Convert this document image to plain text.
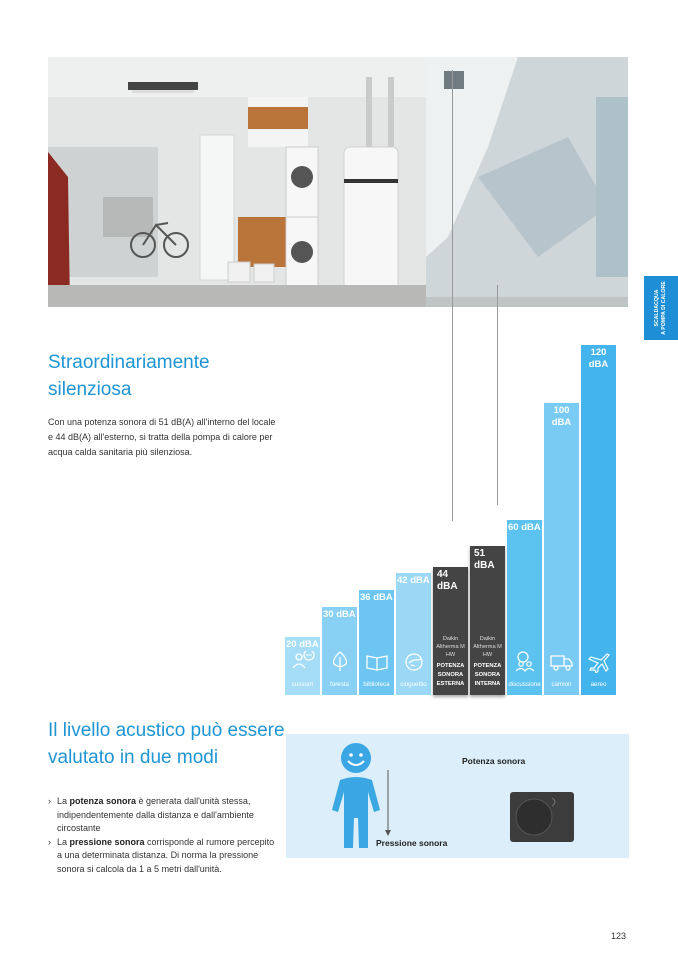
SCALDACQUA A POMPA DI CALORE
Straordinariamente silenziosa
Con una potenza sonora di 51 dB(A) all'interno del locale e 44 dB(A) all'esterno, si tratta della pompa di calore per acqua calda sanitaria più silenziosa.
20 dBA
sussurri
30 dBA
foresta
36 dBA
biblioteca
42 dBA
cinguettio
44 dBA
Daikin Altherma M HW
POTENZA SONORA ESTERNA
51 dBA
Daikin Altherma M HW
POTENZA SONORA INTERNA
60 dBA
discussione
100
dBA
camion
120
dBA
aereo
Il livello acustico può essere valutato in due modi
› La potenza sonora è generata dall'unità stessa, indipendentemente dalla distanza e dall'ambiente circostante
› La pressione sonora corrisponde al rumore percepito a una determinata distanza. Di norma la pressione sonora si calcola da 1 a 5 metri dall'unità.
Potenza sonora
Pressione sonora
123
